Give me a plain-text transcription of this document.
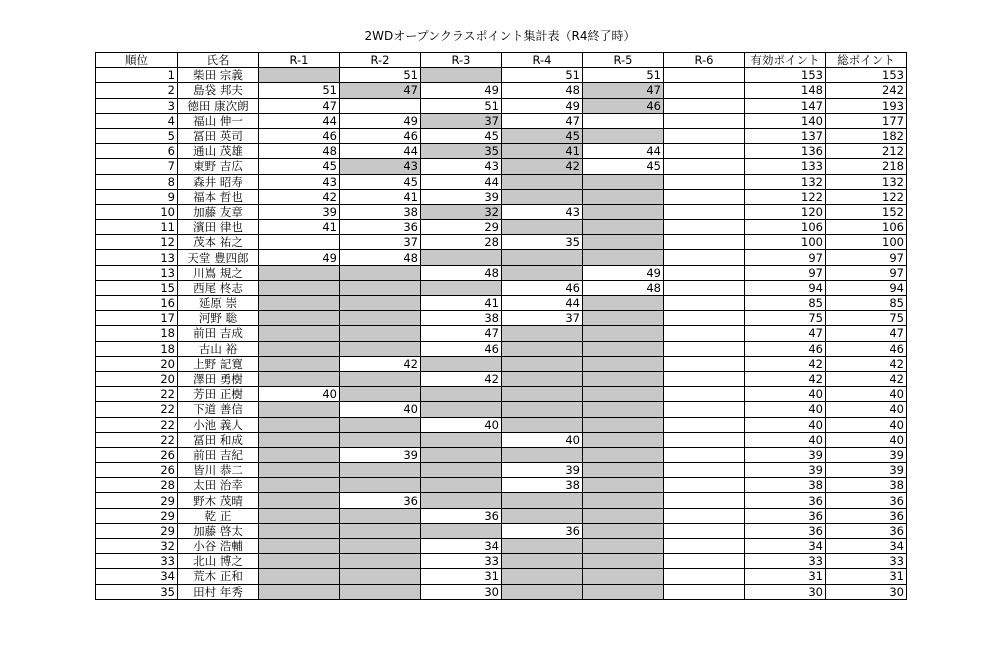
2WDオープンクラスポイント集計表（R4終了時）
順位	氏名	R-1	R-2	R-3	R-4	R-5	R-6	有効ポイント	総ポイント
1	柴田 宗義		51		51	51		153	153
2	島袋 邦夫	51	47	49	48	47		148	242
3	徳田 康次朗	47		51	49	46		147	193
4	福山 伸一	44	49	37	47			140	177
5	冨田 英司	46	46	45	45			137	182
6	通山 茂雄	48	44	35	41	44		136	212
7	東野 吉広	45	43	43	42	45		133	218
8	森井 昭寿	43	45	44				132	132
9	福本 哲也	42	41	39				122	122
10	加藤 友章	39	38	32	43			120	152
11	濱田 律也	41	36	29				106	106
12	茂本 祐之		37	28	35			100	100
13	天堂 豊四郎	49	48					97	97
13	川嶌 規之			48		49		97	97
15	西尾 柊志				46	48		94	94
16	延原 崇			41	44			85	85
17	河野 聡			38	37			75	75
18	前田 吉成			47				47	47
18	古山 裕			46				46	46
20	上野 記寛		42					42	42
20	澤田 勇樹			42				42	42
22	芳田 正樹	40						40	40
22	下道 善信		40					40	40
22	小池 義人			40				40	40
22	冨田 和成				40			40	40
26	前田 吉紀		39					39	39
26	皆川 恭二				39			39	39
28	太田 治幸				38			38	38
29	野木 茂晴		36					36	36
29	乾 正			36				36	36
29	加藤 啓太				36			36	36
32	小谷 浩輔			34				34	34
33	北山 博之			33				33	33
34	荒木 正和			31				31	31
35	田村 年秀			30				30	30
